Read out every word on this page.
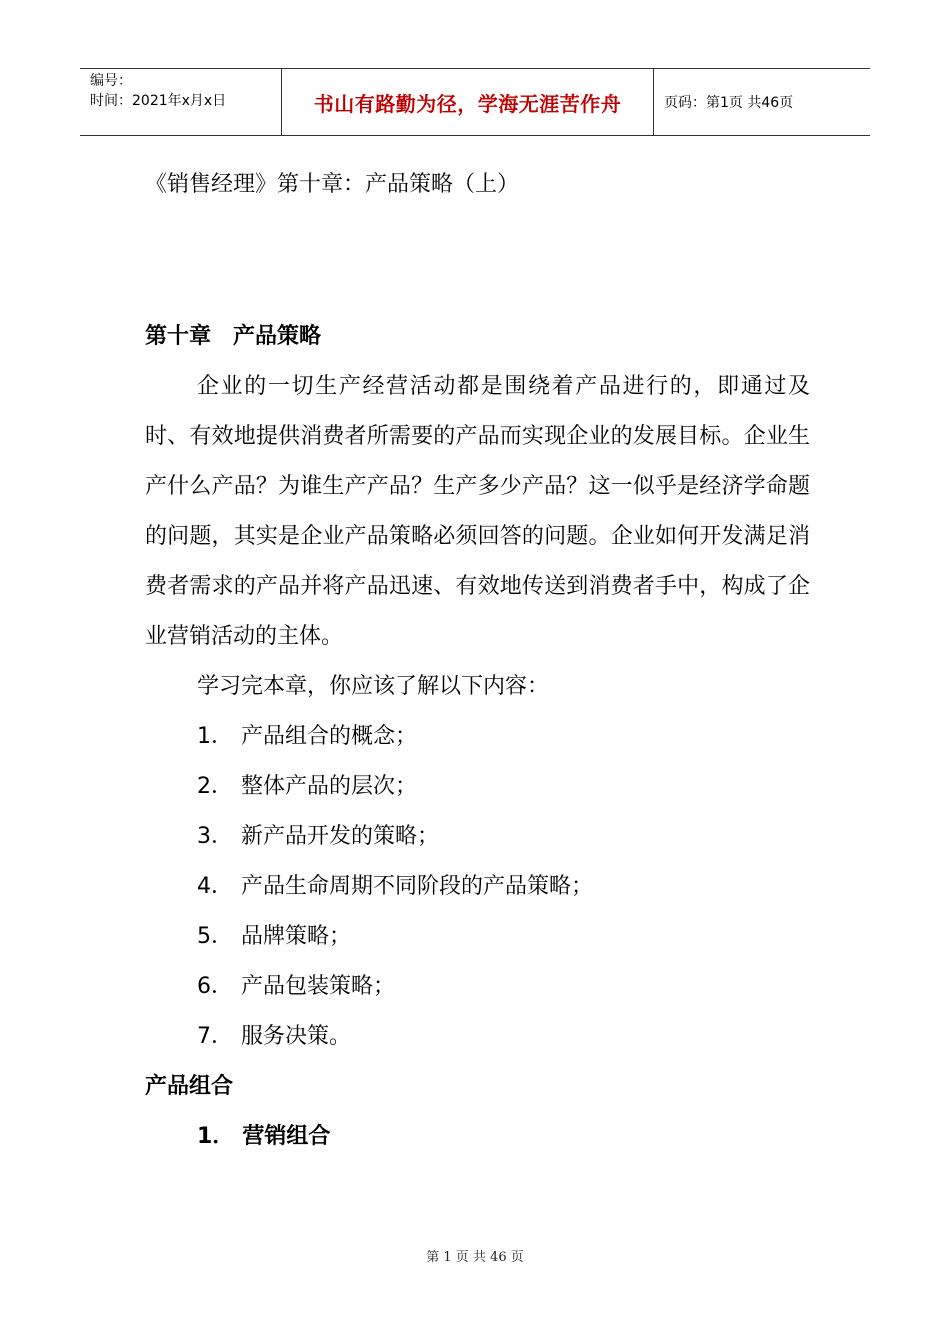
编号：
时间：2021年x月x日	书山有路勤为径，学海无涯苦作舟	页码：第1页 共46页
《销售经理》第十章：产品策略（上）
第十章　产品策略
企业的一切生产经营活动都是围绕着产品进行的，即通过及时、有效地提供消费者所需要的产品而实现企业的发展目标。企业生产什么产品？为谁生产产品？生产多少产品？这一似乎是经济学命题的问题，其实是企业产品策略必须回答的问题。企业如何开发满足消费者需求的产品并将产品迅速、有效地传送到消费者手中，构成了企业营销活动的主体。
学习完本章，你应该了解以下内容：
1． 产品组合的概念；
2． 整体产品的层次；
3． 新产品开发的策略；
4． 产品生命周期不同阶段的产品策略；
5． 品牌策略；
6． 产品包装策略；
7． 服务决策。
产品组合
1． 营销组合
第 1 页 共 46 页
